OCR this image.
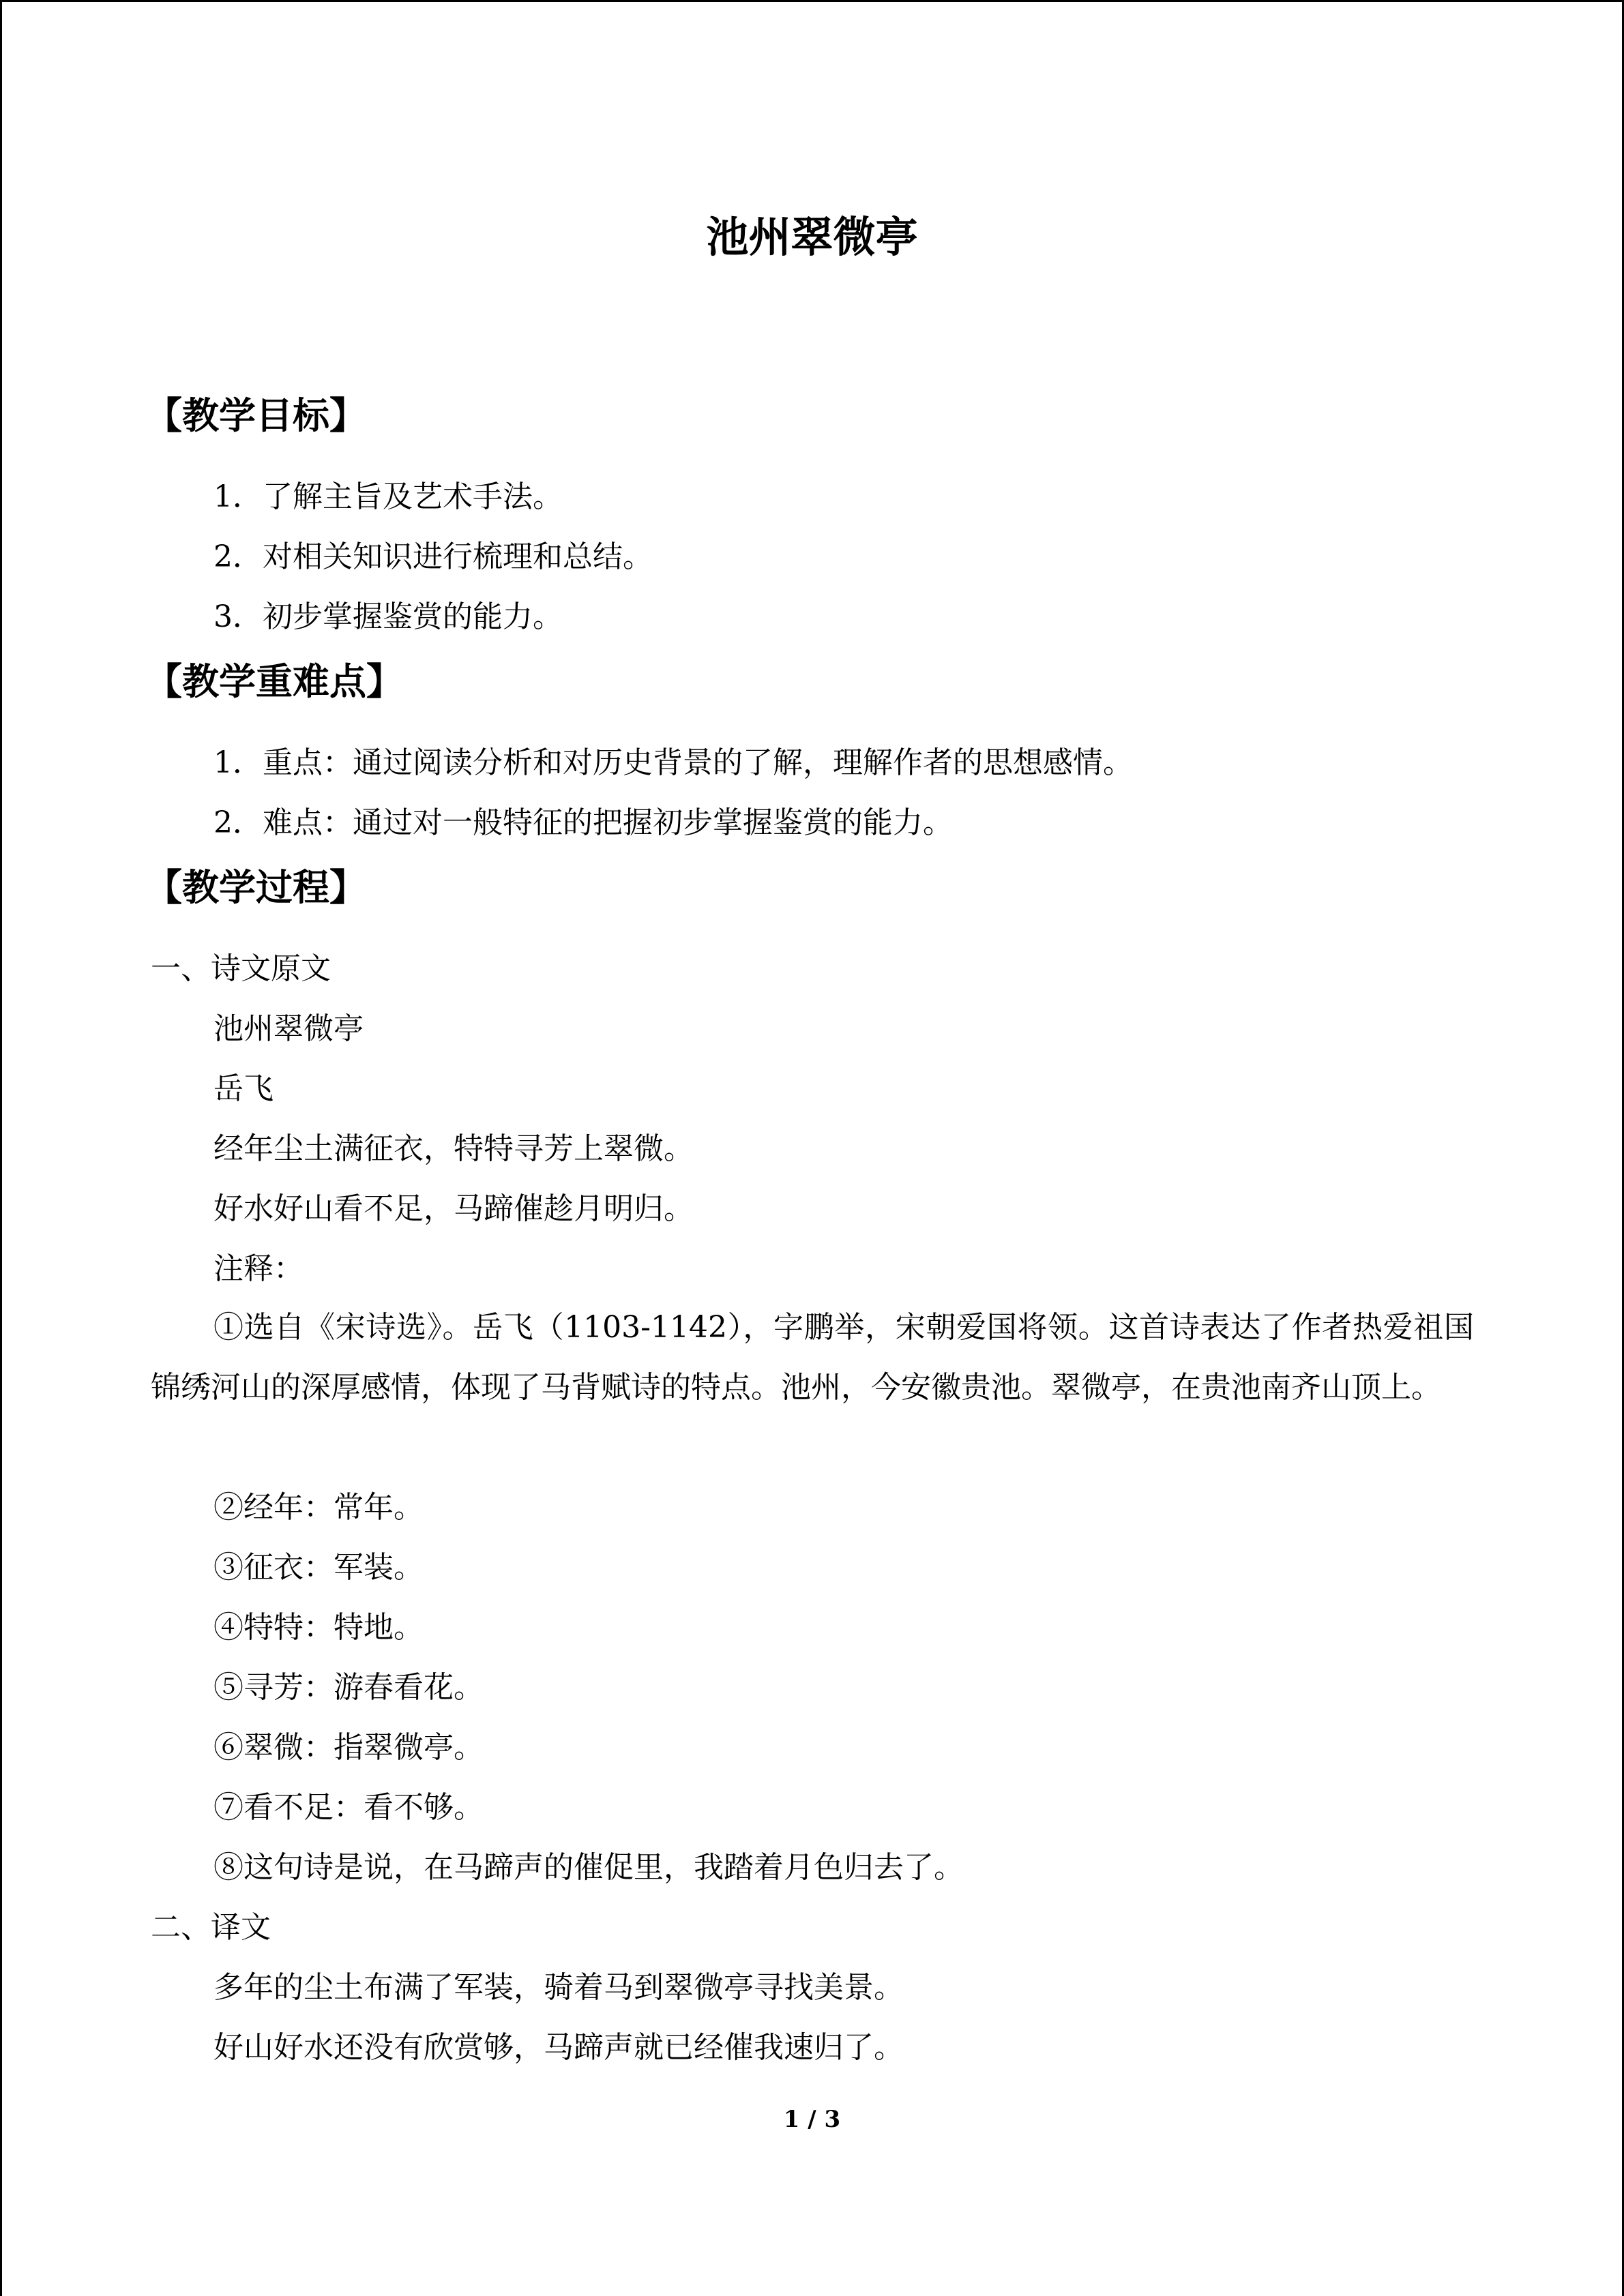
池州翠微亭
【教学目标】
1．了解主旨及艺术手法。
2．对相关知识进行梳理和总结。
3．初步掌握鉴赏的能力。
【教学重难点】
1．重点：通过阅读分析和对历史背景的了解，理解作者的思想感情。
2．难点：通过对一般特征的把握初步掌握鉴赏的能力。
【教学过程】
一、诗文原文
池州翠微亭
岳飞
经年尘土满征衣，特特寻芳上翠微。
好水好山看不足，马蹄催趁月明归。
注释：
①选自《宋诗选》。岳飞（1103-1142），字鹏举，宋朝爱国将领。这首诗表达了作者热爱祖国锦绣河山的深厚感情，体现了马背赋诗的特点。池州，今安徽贵池。翠微亭，在贵池南齐山顶上。
②经年：常年。
③征衣：军装。
④特特：特地。
⑤寻芳：游春看花。
⑥翠微：指翠微亭。
⑦看不足：看不够。
⑧这句诗是说，在马蹄声的催促里，我踏着月色归去了。
二、译文
多年的尘土布满了军装，骑着马到翠微亭寻找美景。
好山好水还没有欣赏够，马蹄声就已经催我速归了。
1 / 3
